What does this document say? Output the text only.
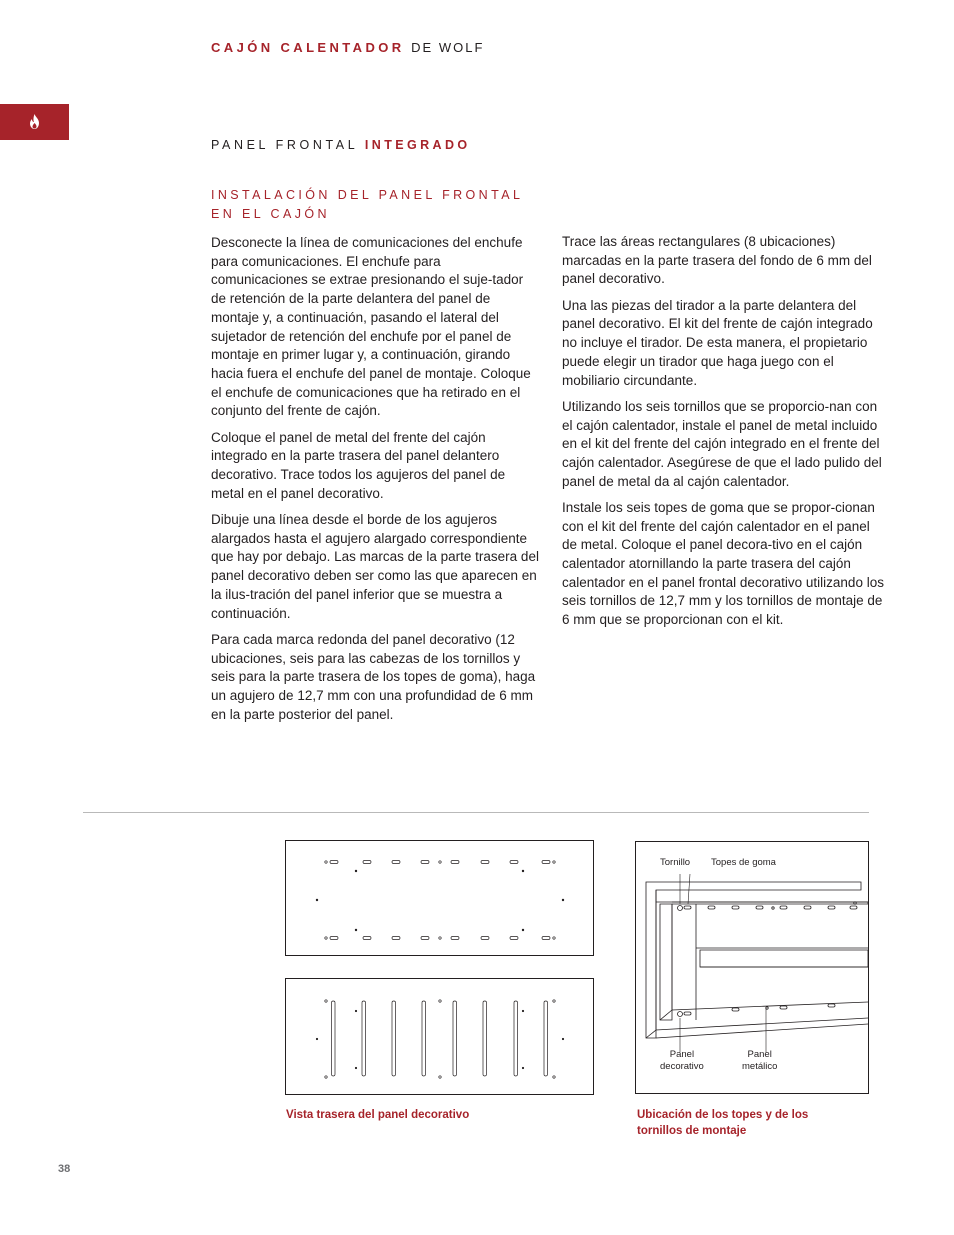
CAJÓN CALENTADOR DE WOLF
PANEL FRONTAL INTEGRADO
INSTALACIÓN DEL PANEL FRONTAL
EN EL CAJÓN

Desconecte la línea de comunicaciones del enchufe para comunicaciones. El enchufe para comunicaciones se extrae presionando el suje-tador de retención de la parte delantera del panel de montaje y, a continuación, pasando el lateral del sujetador de retención del enchufe por el panel de montaje en primer lugar y, a continuación, girando hacia fuera el enchufe del panel de montaje. Coloque el enchufe de comunicaciones que ha retirado en el conjunto del frente de cajón.

Coloque el panel de metal del frente del cajón integrado en la parte trasera del panel delantero decorativo. Trace todos los agujeros del panel de metal en el panel decorativo.

Dibuje una línea desde el borde de los agujeros alargados hasta el agujero alargado correspondiente que hay por debajo. Las marcas de la parte trasera del panel decorativo deben ser como las que aparecen en la ilus-tración del panel inferior que se muestra a continuación.

Para cada marca redonda del panel decorativo (12 ubicaciones, seis para las cabezas de los tornillos y seis para la parte trasera de los topes de goma), haga un agujero de 12,7 mm con una profundidad de 6 mm en la parte posterior del panel.

Trace las áreas rectangulares (8 ubicaciones) marcadas en la parte trasera del fondo de 6 mm del panel decorativo.

Una las piezas del tirador a la parte delantera del panel decorativo. El kit del frente de cajón integrado no incluye el tirador. De esta manera, el propietario puede elegir un tirador que haga juego con el mobiliario circundante.

Utilizando los seis tornillos que se proporcio-nan con el cajón calentador, instale el panel de metal incluido en el kit del frente del cajón integrado en el frente del cajón calentador. Asegúrese de que el lado pulido del panel de metal da al cajón calentador.

Instale los seis topes de goma que se propor-cionan con el kit del frente del cajón calentador en el panel de metal. Coloque el panel decora-tivo en el cajón calentador atornillando la parte trasera del cajón calentador en el panel frontal decorativo utilizando los seis tornillos de 12,7 mm y los tornillos de montaje de 6 mm que se proporcionan con el kit.

Tornillo Topes de goma
Panel
decorativo
Panel
metálico
Vista trasera del panel decorativo	Ubicación de los topes y de los
tornillos de montaje
38
